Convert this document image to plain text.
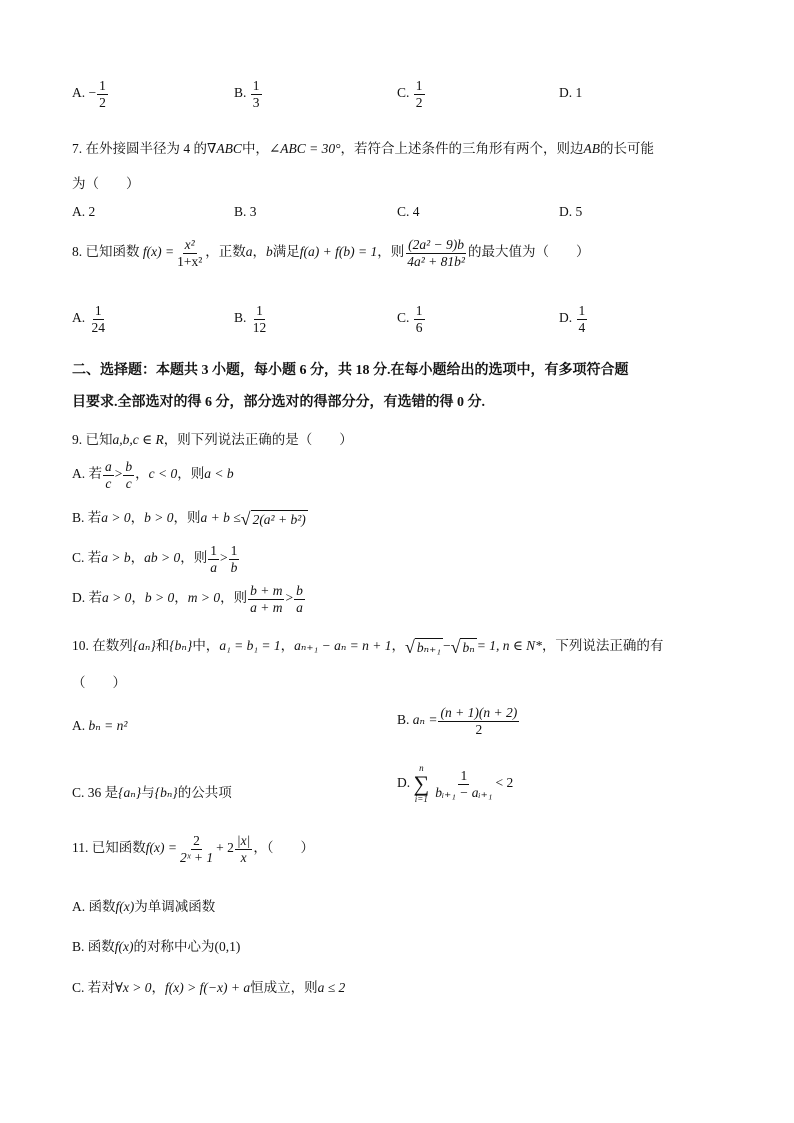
A. − $\frac{1}{2}$	B. $\frac{1}{3}$	C. $\frac{1}{2}$	D. 1
7. 在外接圆半径为 4 的∇ABC中，∠ABC = 30°，若符合上述条件的三角形有两个，则边AB的长可能
为（　　）
A. 2	B. 3	C. 4	D. 5
8. 已知函数 $f(x) = \frac{\text{x²}}{\text{1+x²}}$ ，正数a，b满足f(a) + f(b) = 1，则 $\frac{\text{(2a² − 9)b}}{\text{4a² + 81b²}}$ 的最大值为（　　）
A. $\frac{1}{24}$	B. $\frac{1}{12}$	C. $\frac{1}{6}$	D. $\frac{1}{4}$
二、选择题：本题共 3 小题，每小题 6 分，共 18 分.在每小题给出的选项中，有多项符合题
目要求.全部选对的得 6 分，部分选对的得部分分，有选错的得 0 分.
9. 已知a,b,c ∈ R，则下列说法正确的是（　　）
A. 若 $\frac{a}{c} > \frac{b}{c}$ ，c < 0，则a < b
B. 若a > 0，b > 0，则a + b ≤ √ 2(a² + b²)
C. 若a > b，ab > 0，则 $\frac{1}{a} > \frac{1}{b}$
D. 若a > 0，b > 0，m > 0，则 $\frac{b + m}{a + m} > \frac{b}{a}$
10. 在数列{aₙ}和{bₙ}中，a₁ = b₁ = 1，aₙ₊₁ − aₙ = n + 1， √ bₙ₊₁ − √ bₙ = 1, n ∈ N*，下列说法正确的有
（　　）
A. bₙ = n²	B. $a_n = \frac{(n + 1)(n + 2)}{2}$
C. 36 是{aₙ}与{bₙ}的公共项
D.
n
∑
$i=1 \frac{1}{\text{bᵢ₊₁ − aᵢ₊₁}} < 2$
11. 已知函数$f(x) = \frac{2}{\text{2ˣ + 1}} + 2 \frac{|x|}{x}$ ，（　　）
A. 函数f(x)为单调减函数
B. 函数f(x)的对称中心为(0,1)
C. 若对∀x > 0，f(x) > f(−x) + a恒成立，则a ≤ 2
